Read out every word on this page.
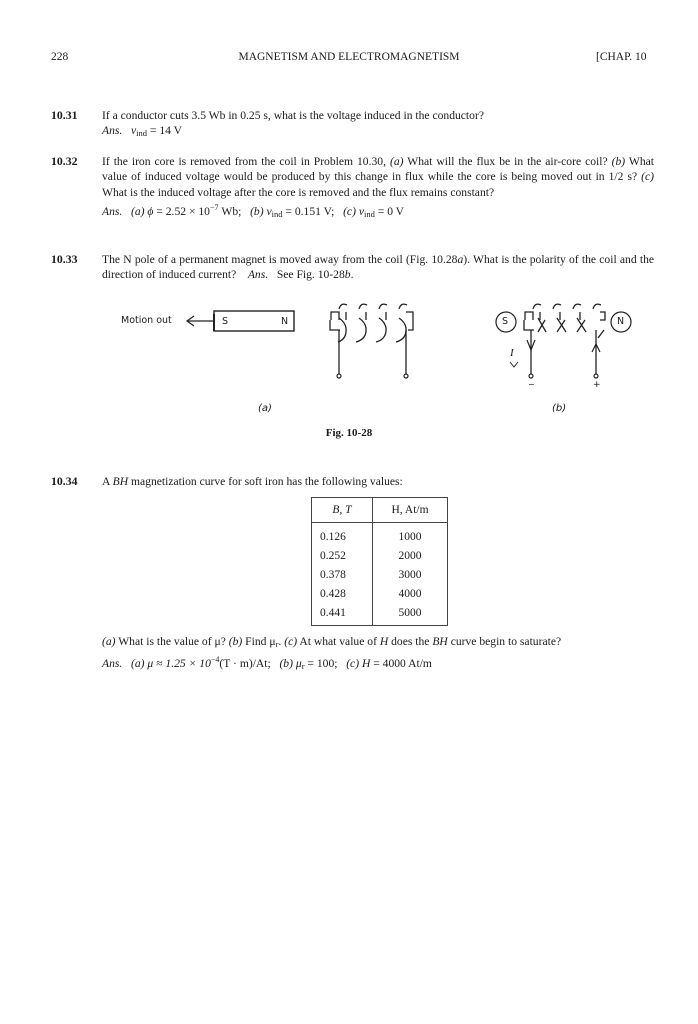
228	MAGNETISM AND ELECTROMAGNETISM	[CHAP. 10
10.31 If a conductor cuts 3.5 Wb in 0.25 s, what is the voltage induced in the conductor?
Ans. $v_{ind} = 14$ V
10.32 If the iron core is removed from the coil in Problem 10.30, (a) What will the flux be in the air-core coil? (b) What value of induced voltage would be produced by this change in flux while the core is being moved out in 1/2 s? (c) What is the induced voltage after the core is removed and the flux remains constant?
Ans. (a) $\phi = 2.52 \times 10^{-7}$ Wb; (b) $v_{ind} = 0.151$ V; (c) $v_{ind} = 0$ V
10.33 The N pole of a permanent magnet is moved away from the coil (Fig. 10.28a). What is the polarity of the coil and the direction of induced current? Ans. See Fig. 10-28b.
Motion out	S	N	S	N
I
−	+
(a)	(b)
Fig. 10-28
10.34 A BH magnetization curve for soft iron has the following values:
B, T	H, At/m
0.126	1000
0.252	2000
0.378	3000
0.428	4000
0.441	5000
(a) What is the value of μ? (b) Find $\mu_r$. (c) At what value of H does the BH curve begin to saturate?
Ans. (a) $\mu \approx 1.25 \times 10^{-4}(T \cdot m)/At$; (b) $\mu_r = 100$; (c) H = 4000 At/m
